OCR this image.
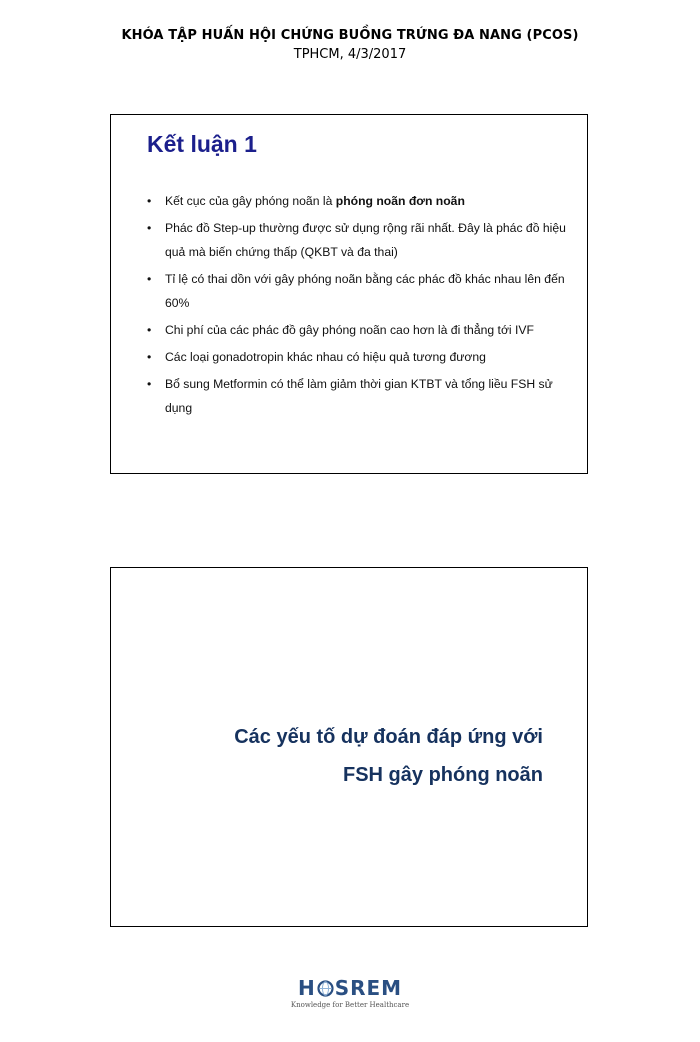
KHÓA TẬP HUẤN HỘI CHỨNG BUỒNG TRỨNG ĐA NANG (PCOS)
TPHCM, 4/3/2017
Kết luận 1
• Kết cục của gây phóng noãn là phóng noãn đơn noãn
• Phác đồ Step-up thường được sử dụng rộng rãi nhất. Đây là phác đồ hiệu quả mà biến chứng thấp (QKBT và đa thai)
• Tỉ lệ có thai dồn với gây phóng noãn bằng các phác đồ khác nhau lên đến 60%
• Chi phí của các phác đồ gây phóng noãn cao hơn là đi thẳng tới IVF
• Các loại gonadotropin khác nhau có hiệu quả tương đương
• Bổ sung Metformin có thể làm giảm thời gian KTBT và tổng liều FSH sử dụng
Các yếu tố dự đoán đáp ứng với
FSH gây phóng noãn
H SREM
Knowledge for Better Healthcare
